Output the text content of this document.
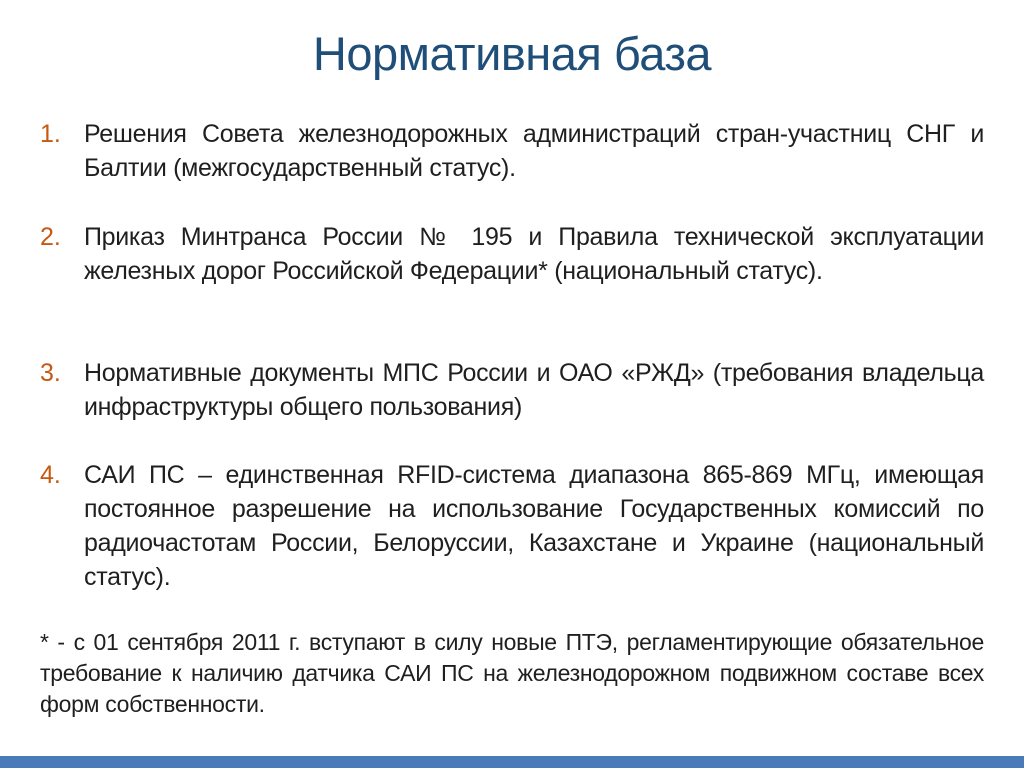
Нормативная база
1. Решения Совета железнодорожных администраций стран-участниц СНГ и Балтии (межгосударственный статус).
2. Приказ Минтранса России № 195 и Правила технической эксплуатации железных дорог Российской Федерации* (национальный статус).
3. Нормативные документы МПС России и ОАО «РЖД» (требования владельца инфраструктуры общего пользования)
4. САИ ПС – единственная RFID-система диапазона 865-869 МГц, имеющая постоянное разрешение на использование Государственных комиссий по радиочастотам России, Белоруссии, Казахстане и Украине (национальный статус).
* - с 01 сентября 2011 г. вступают в силу новые ПТЭ, регламентирующие обязательное требование к наличию датчика САИ ПС на железнодорожном подвижном составе всех форм собственности.
